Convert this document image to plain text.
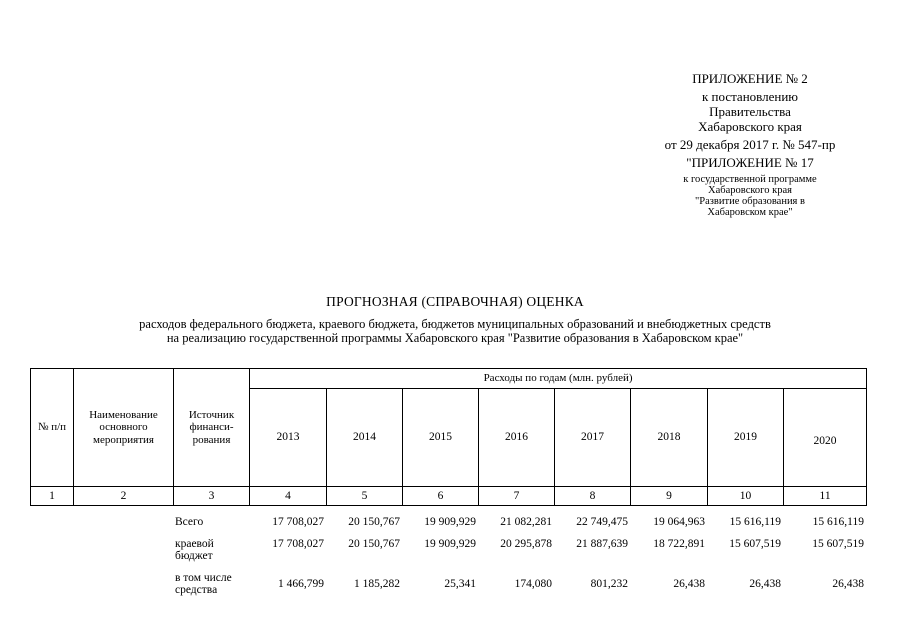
ПРИЛОЖЕНИЕ № 2
к постановлению
Правительства
Хабаровского края
от 29 декабря 2017 г. № 547-пр
"ПРИЛОЖЕНИЕ № 17
к государственной программе
Хабаровского края
"Развитие образования в
Хабаровском крае"
ПРОГНОЗНАЯ (СПРАВОЧНАЯ) ОЦЕНКА
расходов федерального бюджета, краевого бюджета, бюджетов муниципальных образований и внебюджетных средств
на реализацию государственной программы Хабаровского края "Развитие образования в Хабаровском крае"
№ п/п	Наименование основного мероприятия	Источник финанси-рования	Расходы по годам (млн. рублей)							
			2013	2014	2015	2016	2017	2018	2019	2020
1	2	3	4	5	6	7	8	9	10	11
		Всего	17 708,027	20 150,767	19 909,929	21 082,281	22 749,475	19 064,963	15 616,119	15 616,119
		краевой бюджет	17 708,027	20 150,767	19 909,929	20 295,878	21 887,639	18 722,891	15 607,519	15 607,519
		в том числе средства	1 466,799	1 185,282	25,341	174,080	801,232	26,438	26,438	26,438
